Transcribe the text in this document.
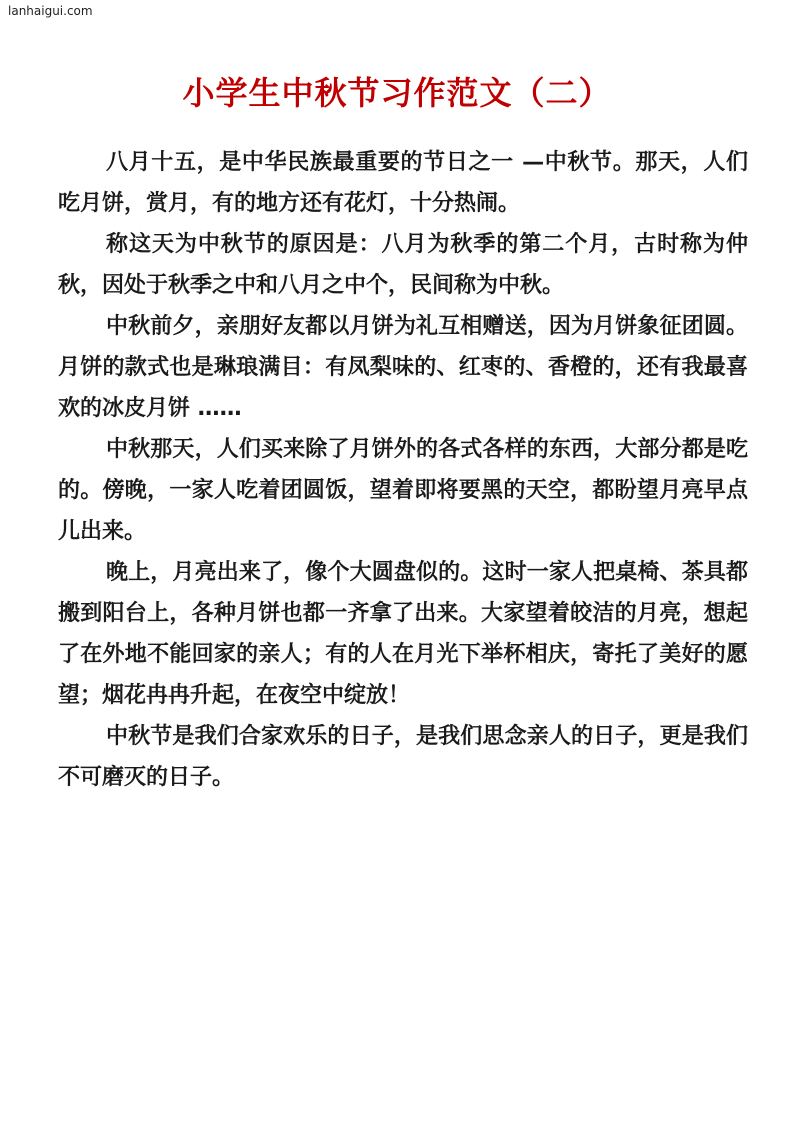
lanhaigui.com
小学生中秋节习作范文（二）

八月十五，是中华民族最重要的节日之一 —中秋节。那天，人们吃月饼，赏月，有的地方还有花灯，十分热闹。

称这天为中秋节的原因是：八月为秋季的第二个月，古时称为仲秋，因处于秋季之中和八月之中个，民间称为中秋。

中秋前夕，亲朋好友都以月饼为礼互相赠送，因为月饼象征团圆。月饼的款式也是琳琅满目：有凤梨味的、红枣的、香橙的，还有我最喜欢的冰皮月饼 ……

中秋那天，人们买来除了月饼外的各式各样的东西，大部分都是吃的。傍晚，一家人吃着团圆饭，望着即将要黑的天空，都盼望月亮早点儿出来。

晚上，月亮出来了，像个大圆盘似的。这时一家人把桌椅、茶具都搬到阳台上，各种月饼也都一齐拿了出来。大家望着皎洁的月亮，想起了在外地不能回家的亲人；有的人在月光下举杯相庆，寄托了美好的愿望；烟花冉冉升起，在夜空中绽放！

中秋节是我们合家欢乐的日子，是我们思念亲人的日子，更是我们不可磨灭的日子。
